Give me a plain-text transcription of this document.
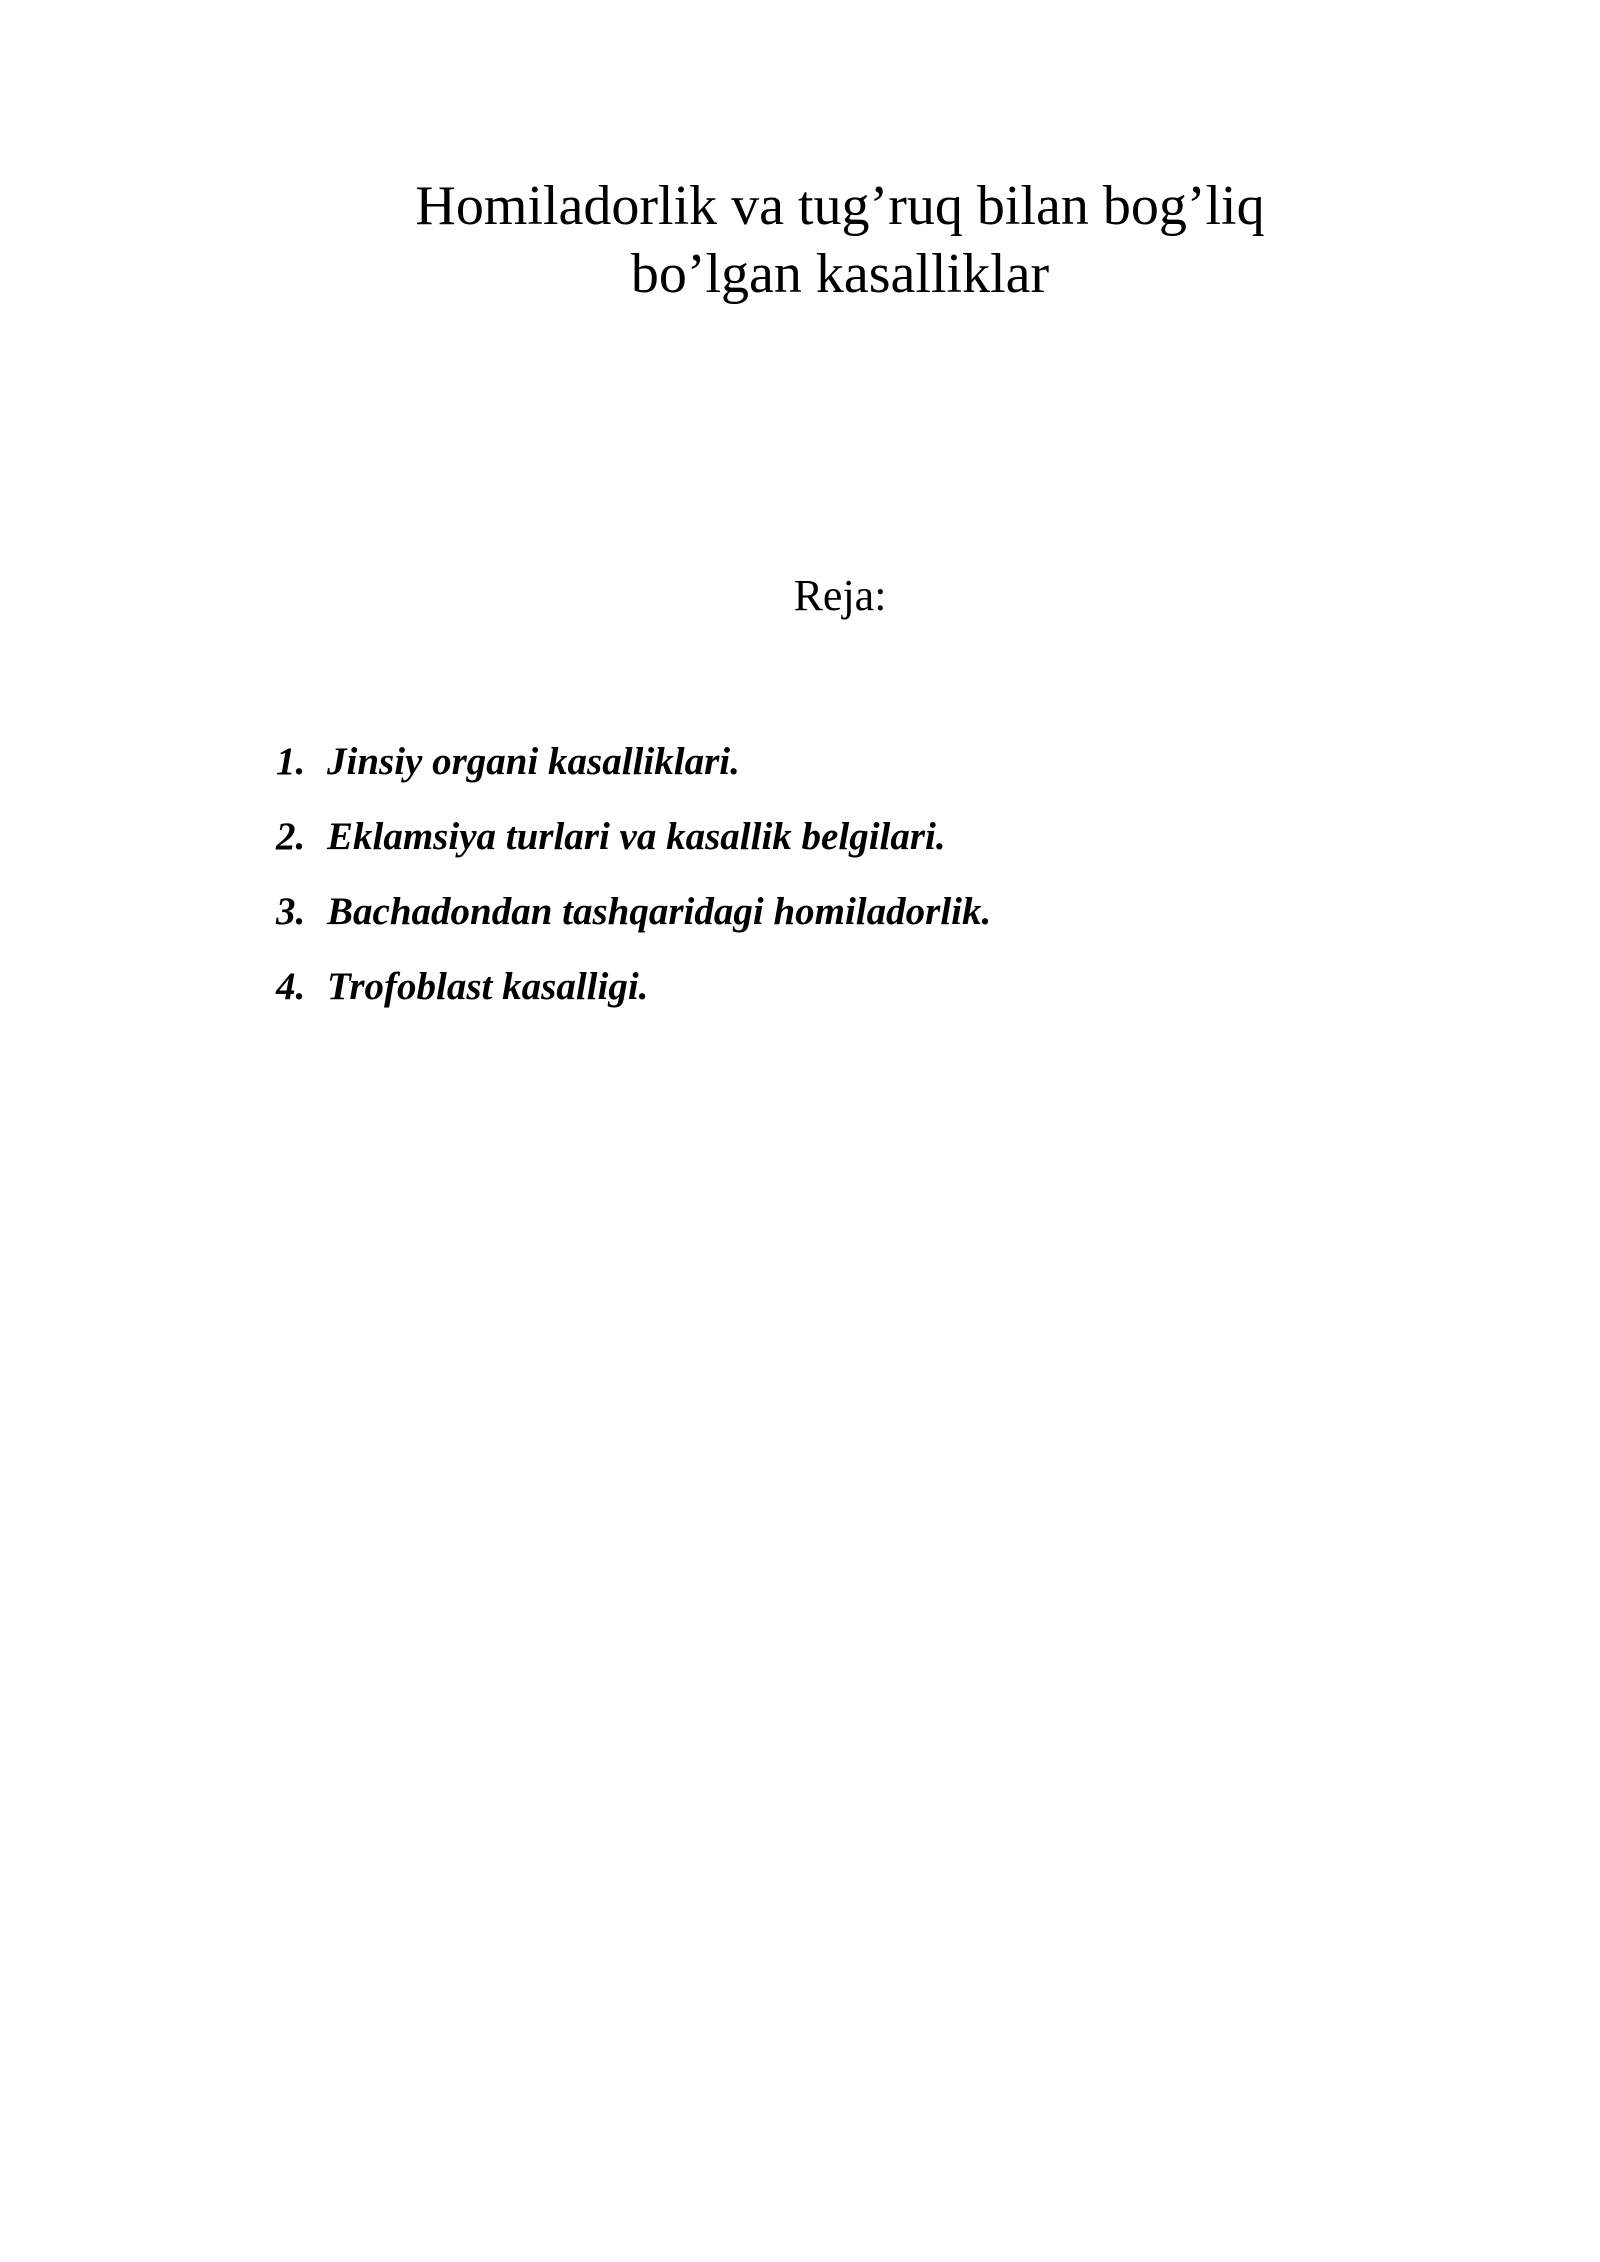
Homiladorlik va tug’ruq bilan bog’liq
bo’lgan kasalliklar
Reja:
1. Jinsiy organi kasalliklari.
2. Eklamsiya turlari va kasallik belgilari.
3. Bachadondan tashqaridagi homiladorlik.
4. Trofoblast kasalligi.
